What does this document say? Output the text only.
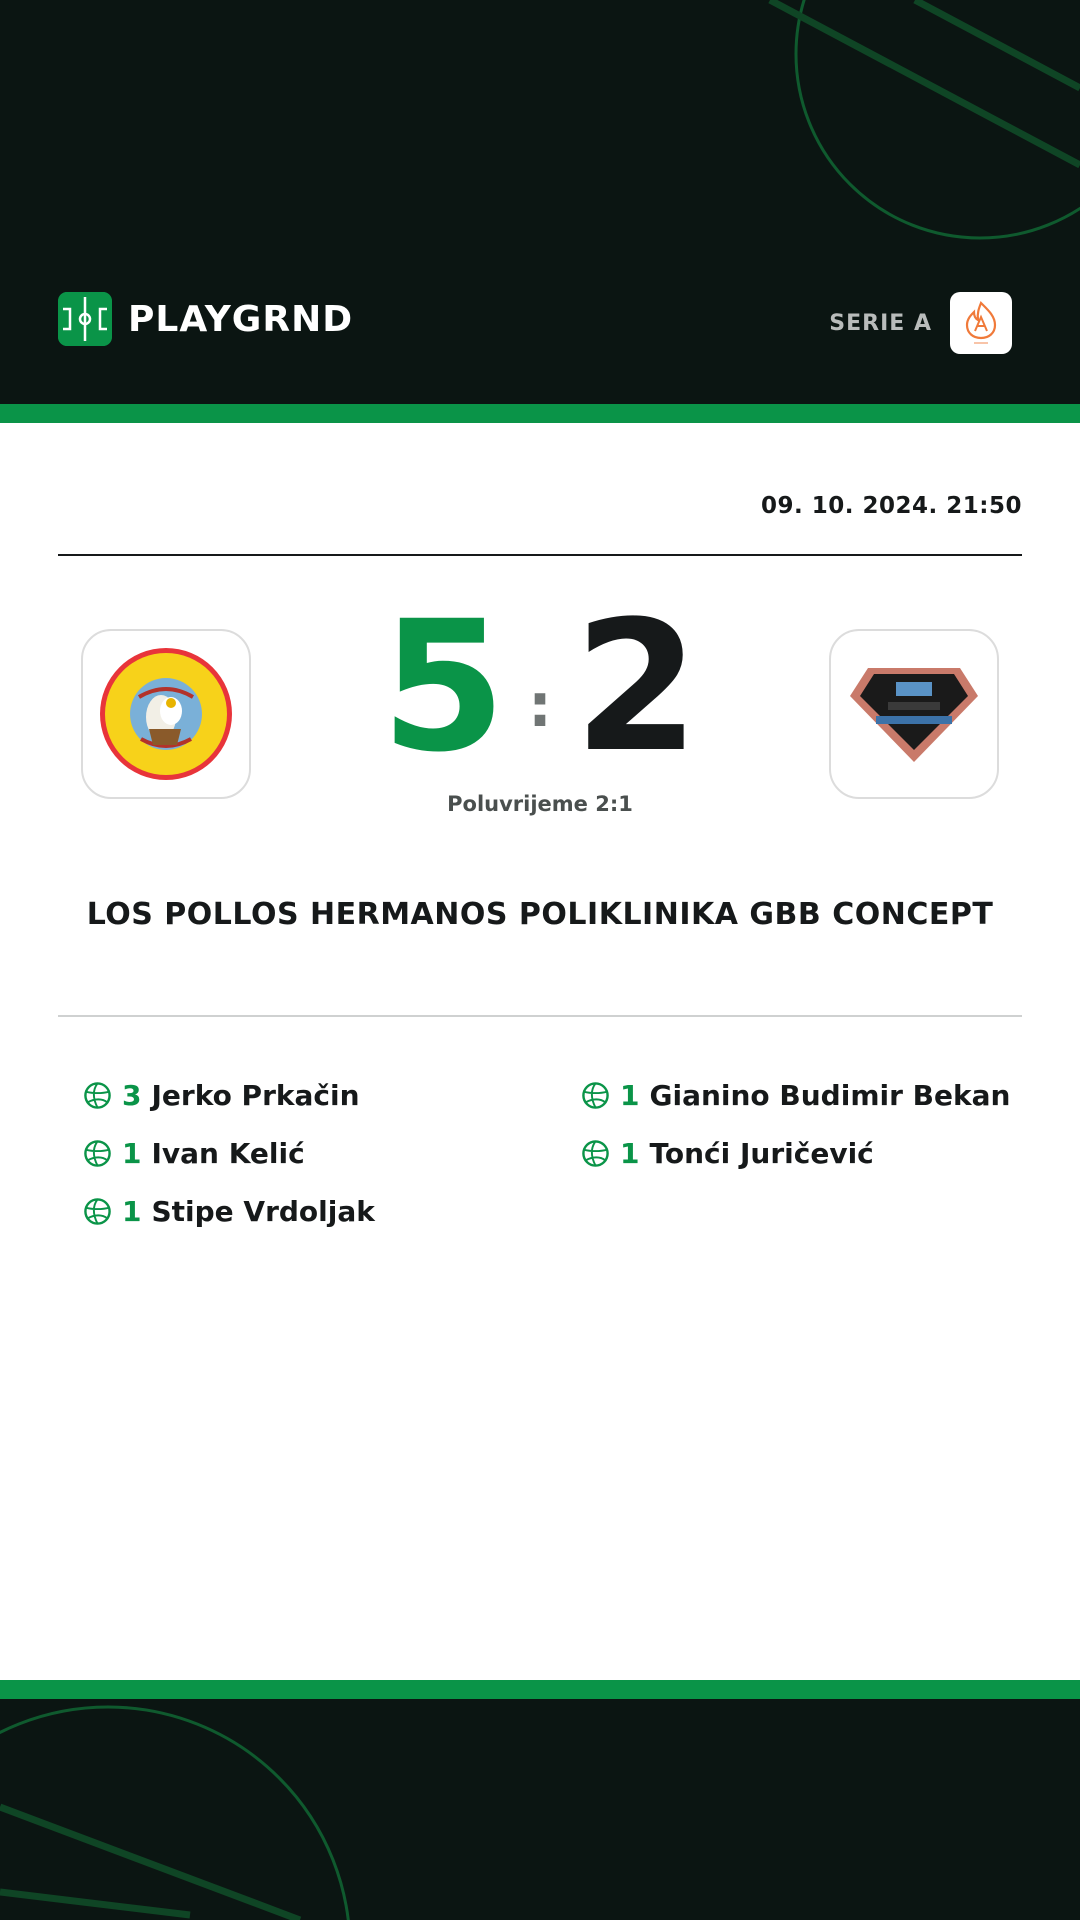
PLAYGRND	SERIE A
09. 10. 2024. 21:50
5 : 2
Poluvrijeme 2:1
LOS POLLOS HERMANOS POLIKLINIKA GBB CONCEPT
3 Jerko Prkačin
1 Ivan Kelić
1 Stipe Vrdoljak
1 Gianino Budimir Bekan
1 Tonći Juričević
